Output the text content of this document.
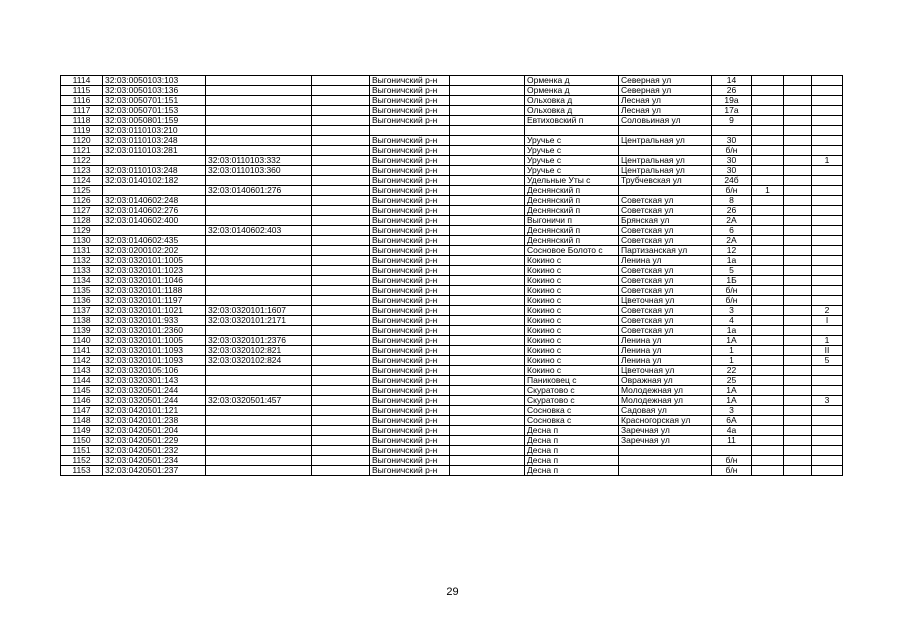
1114	32:03:0050103:103			Выгоничский р-н		Орменка д	Северная ул	14			
1115	32:03:0050103:136			Выгоничский р-н		Орменка д	Северная ул	26			
1116	32:03:0050701:151			Выгоничский р-н		Ольховка д	Лесная ул	19а			
1117	32:03:0050701:153			Выгоничский р-н		Ольховка д	Лесная ул	17а			
1118	32:03:0050801:159			Выгоничский р-н		Евтиховский п	Соловьиная ул	9			
1119	32:03:0110103:210										
1120	32:03:0110103:248			Выгоничский р-н		Уручье с	Центральная ул	30			
1121	32:03:0110103:281			Выгоничский р-н		Уручье с		б/н			
1122		32:03:0110103:332		Выгоничский р-н		Уручье с	Центральная ул	30			1
1123	32:03:0110103:248	32:03:0110103:360		Выгоничский р-н		Уручье с	Центральная ул	30			
1124	32:03:0140102:182			Выгоничский р-н		Удельные Уты с	Трубчевская ул	24б			
1125		32:03:0140601:276		Выгоничский р-н		Деснянский п		б/н	1		
1126	32:03:0140602:248			Выгоничский р-н		Деснянский п	Советская ул	8			
1127	32:03:0140602:276			Выгоничский р-н		Деснянский п	Советская ул	26			
1128	32:03:0140602:400			Выгоничский р-н		Выгоничи п	Брянская ул	2А			
1129		32:03:0140602:403		Выгоничский р-н		Деснянский п	Советская ул	6			
1130	32:03:0140602:435			Выгоничский р-н		Деснянский п	Советская ул	2А			
1131	32:03:0200102:202			Выгоничский р-н		Сосновое Болото с	Партизанская ул	12			
1132	32:03:0320101:1005			Выгоничский р-н		Кокино с	Ленина ул	1а			
1133	32:03:0320101:1023			Выгоничский р-н		Кокино с	Советская ул	5			
1134	32:03:0320101:1046			Выгоничский р-н		Кокино с	Советская ул	1Б			
1135	32:03:0320101:1188			Выгоничский р-н		Кокино с	Советская ул	б/н			
1136	32:03:0320101:1197			Выгоничский р-н		Кокино с	Цветочная ул	б/н			
1137	32:03:0320101:1021	32:03:0320101:1607		Выгоничский р-н		Кокино с	Советская ул	3			2
1138	32:03:0320101:933	32:03:0320101:2171		Выгоничский р-н		Кокино с	Советская ул	4			I
1139	32:03:0320101:2360			Выгоничский р-н		Кокино с	Советская ул	1а			
1140	32:03:0320101:1005	32:03:0320101:2376		Выгоничский р-н		Кокино с	Ленина ул	1А			1
1141	32:03:0320101:1093	32:03:0320102:821		Выгоничский р-н		Кокино с	Ленина ул	1			II
1142	32:03:0320101:1093	32:03:0320102:824		Выгоничский р-н		Кокино с	Ленина ул	1			5
1143	32:03:0320105:106			Выгоничский р-н		Кокино с	Цветочная ул	22			
1144	32:03:0320301:143			Выгоничский р-н		Паниковец с	Овражная ул	25			
1145	32:03:0320501:244			Выгоничский р-н		Скуратово с	Молодежная ул	1А			
1146	32:03:0320501:244	32:03:0320501:457		Выгоничский р-н		Скуратово с	Молодежная ул	1А			3
1147	32:03:0420101:121			Выгоничский р-н		Сосновка с	Садовая ул	3			
1148	32:03:0420101:238			Выгоничский р-н		Сосновка с	Красногорская ул	6А			
1149	32:03:0420501:204			Выгоничский р-н		Десна п	Заречная ул	4а			
1150	32:03:0420501:229			Выгоничский р-н		Десна п	Заречная ул	11			
1151	32:03:0420501:232			Выгоничский р-н		Десна п					
1152	32:03:0420501:234			Выгоничский р-н		Десна п		б/н			
1153	32:03:0420501:237			Выгоничский р-н		Десна п		б/н			
29
